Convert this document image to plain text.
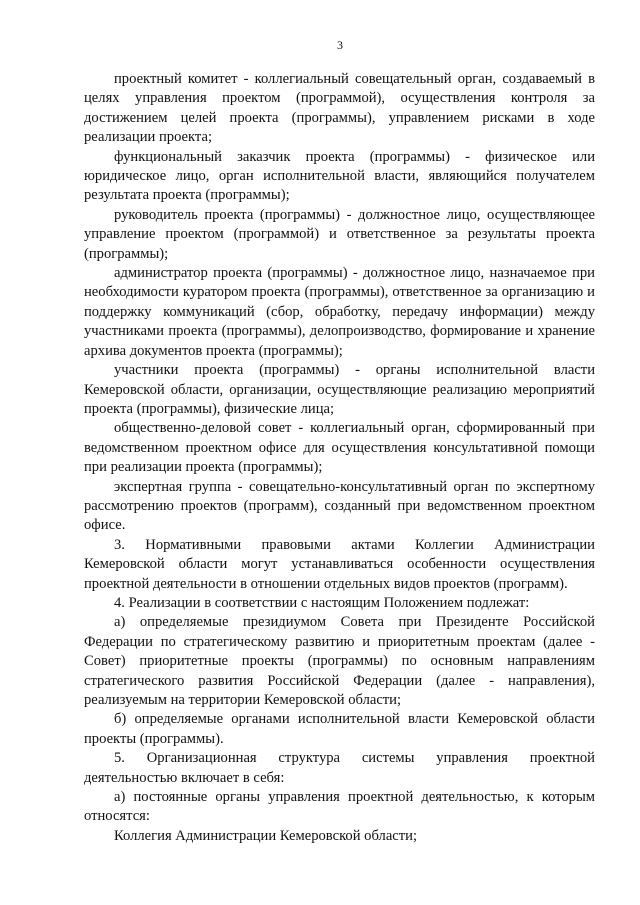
3

проектный комитет - коллегиальный совещательный орган, создаваемый в целях управления проектом (программой), осуществления контроля за достижением целей проекта (программы), управлением рисками в ходе реализации проекта;

функциональный заказчик проекта (программы) - физическое или юридическое лицо, орган исполнительной власти, являющийся получателем результата проекта (программы);

руководитель проекта (программы) - должностное лицо, осуществляющее управление проектом (программой) и ответственное за результаты проекта (программы);

администратор проекта (программы) - должностное лицо, назначаемое при необходимости куратором проекта (программы), ответственное за организацию и поддержку коммуникаций (сбор, обработку, передачу информации) между участниками проекта (программы), делопроизводство, формирование и хранение архива документов проекта (программы);

участники проекта (программы) - органы исполнительной власти Кемеровской области, организации, осуществляющие реализацию мероприятий проекта (программы), физические лица;

общественно-деловой совет - коллегиальный орган, сформированный при ведомственном проектном офисе для осуществления консультативной помощи при реализации проекта (программы);

экспертная группа - совещательно-консультативный орган по экспертному рассмотрению проектов (программ), созданный при ведомственном проектном офисе.

3. Нормативными правовыми актами Коллегии Администрации Кемеровской области могут устанавливаться особенности осуществления проектной деятельности в отношении отдельных видов проектов (программ).

4. Реализации в соответствии с настоящим Положением подлежат:

а) определяемые президиумом Совета при Президенте Российской Федерации по стратегическому развитию и приоритетным проектам (далее - Совет) приоритетные проекты (программы) по основным направлениям стратегического развития Российской Федерации (далее - направления), реализуемым на территории Кемеровской области;

б) определяемые органами исполнительной власти Кемеровской области проекты (программы).

5. Организационная структура системы управления проектной деятельностью включает в себя:

а) постоянные органы управления проектной деятельностью, к которым относятся:

Коллегия Администрации Кемеровской области;
